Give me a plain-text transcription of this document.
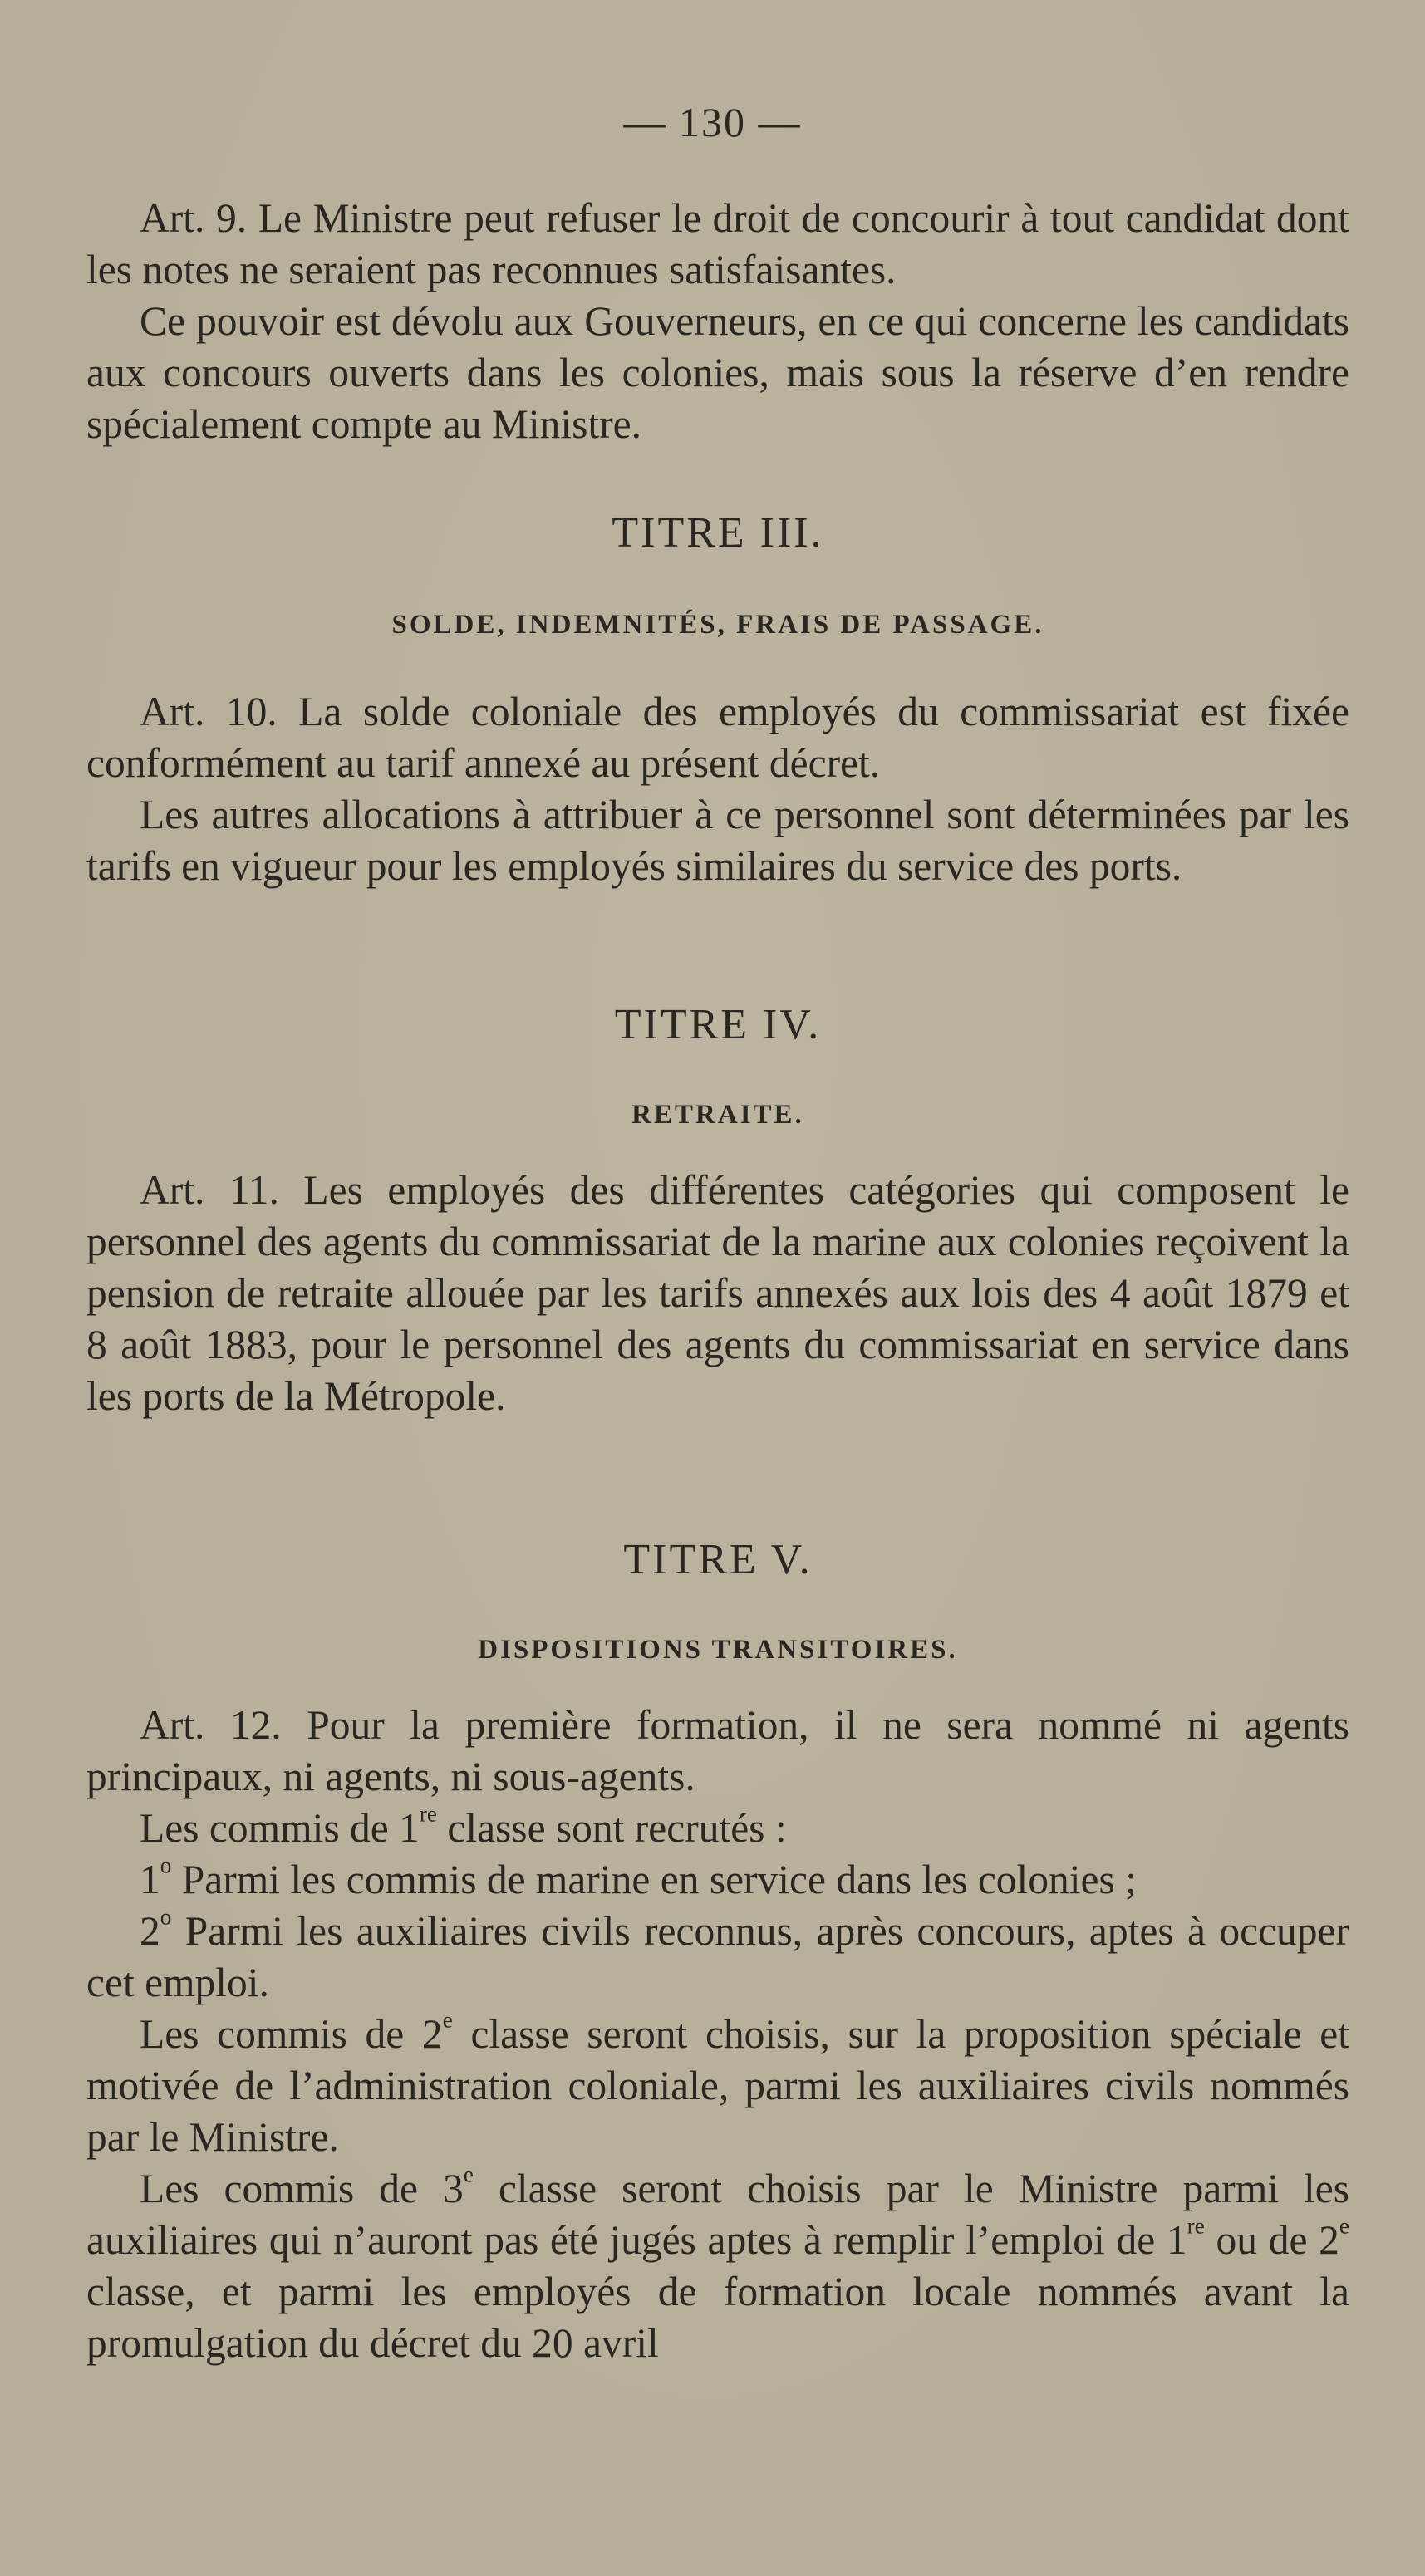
— 130 —

Art. 9. Le Ministre peut refuser le droit de concourir à tout candidat dont les notes ne seraient pas reconnues satisfaisantes.

Ce pouvoir est dévolu aux Gouverneurs, en ce qui concerne les candidats aux concours ouverts dans les colonies, mais sous la réserve d’en rendre spécialement compte au Ministre.

TITRE III.

SOLDE, INDEMNITÉS, FRAIS DE PASSAGE.

Art. 10. La solde coloniale des employés du commissariat est fixée conformément au tarif annexé au présent décret.

Les autres allocations à attribuer à ce personnel sont déterminées par les tarifs en vigueur pour les employés similaires du service des ports.

TITRE IV.

RETRAITE.

Art. 11. Les employés des différentes catégories qui composent le personnel des agents du commissariat de la marine aux colonies reçoivent la pension de retraite allouée par les tarifs annexés aux lois des 4 août 1879 et 8 août 1883, pour le personnel des agents du commissariat en service dans les ports de la Métropole.

TITRE V.

DISPOSITIONS TRANSITOIRES.

Art. 12. Pour la première formation, il ne sera nommé ni agents principaux, ni agents, ni sous-agents.

Les commis de 1re classe sont recrutés :

1$^o$ Parmi les commis de marine en service dans les colonies ;

2$^o$ Parmi les auxiliaires civils reconnus, après concours, aptes à occuper cet emploi.

Les commis de 2e classe seront choisis, sur la proposition spéciale et motivée de l’administration coloniale, parmi les auxiliaires civils nommés par le Ministre.

Les commis de 3e classe seront choisis par le Ministre parmi les auxiliaires qui n’auront pas été jugés aptes à remplir l’emploi de 1re ou de 2e classe, et parmi les employés de formation locale nommés avant la promulgation du décret du 20 avril
